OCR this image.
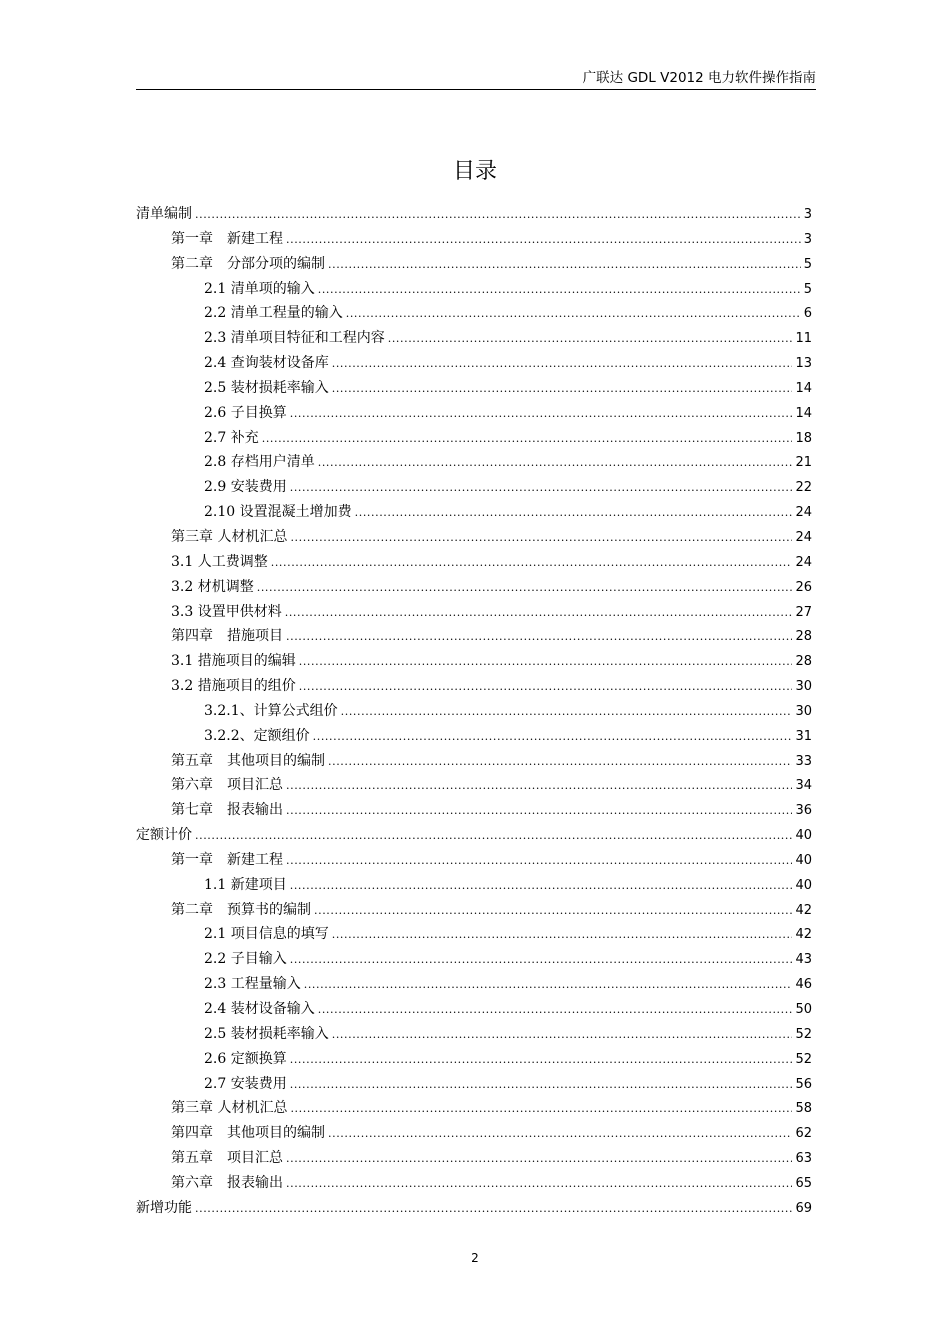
广联达 GDL V2012 电力软件操作指南
目录
清单编制 .....	3
第一章　新建工程 .....	3
第二章　分部分项的编制 .....	5
2.1 清单项的输入 .....	5
2.2 清单工程量的输入 .....	6
2.3 清单项目特征和工程内容 .....	11
2.4 查询装材设备库 .....	13
2.5 装材损耗率输入 .....	14
2.6 子目换算 .....	14
2.7 补充 .....	18
2.8 存档用户清单 .....	21
2.9 安装费用 .....	22
2.10 设置混凝土增加费 .....	24
第三章 人材机汇总 .....	24
3.1 人工费调整 .....	24
3.2 材机调整 .....	26
3.3 设置甲供材料 .....	27
第四章　措施项目 .....	28
3.1 措施项目的编辑 .....	28
3.2 措施项目的组价 .....	30
3.2.1、计算公式组价 .....	30
3.2.2、定额组价 .....	31
第五章　其他项目的编制 .....	33
第六章　项目汇总 .....	34
第七章　报表输出 .....	36
定额计价 .....	40
第一章　新建工程 .....	40
1.1 新建项目 .....	40
第二章　预算书的编制 .....	42
2.1 项目信息的填写 .....	42
2.2 子目输入 .....	43
2.3 工程量输入 .....	46
2.4 装材设备输入 .....	50
2.5 装材损耗率输入 .....	52
2.6 定额换算 .....	52
2.7 安装费用 .....	56
第三章 人材机汇总 .....	58
第四章　其他项目的编制 .....	62
第五章　项目汇总 .....	63
第六章　报表输出 .....	65
新增功能 .....	69
2
